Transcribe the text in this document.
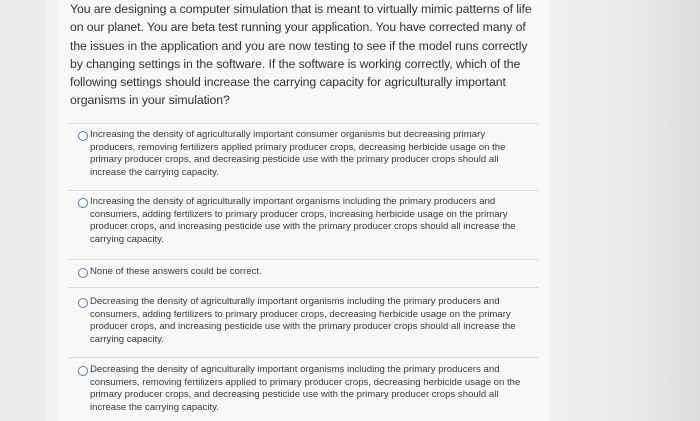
You are designing a computer simulation that is meant to virtually mimic patterns of life on our planet. You are beta test running your application. You have corrected many of the issues in the application and you are now testing to see if the model runs correctly by changing settings in the software. If the software is working correctly, which of the following settings should increase the carrying capacity for agriculturally important organisms in your simulation?
Increasing the density of agriculturally important consumer organisms but decreasing primary producers, removing fertilizers applied primary producer crops, decreasing herbicide usage on the primary producer crops, and decreasing pesticide use with the primary producer crops should all increase the carrying capacity.
Increasing the density of agriculturally important organisms including the primary producers and consumers, adding fertilizers to primary producer crops, increasing herbicide usage on the primary producer crops, and increasing pesticide use with the primary producer crops should all increase the carrying capacity.
None of these answers could be correct.
Decreasing the density of agriculturally important organisms including the primary producers and consumers, adding fertilizers to primary producer crops, decreasing herbicide usage on the primary producer crops, and increasing pesticide use with the primary producer crops should all increase the carrying capacity.
Decreasing the density of agriculturally important organisms including the primary producers and consumers, removing fertilizers applied to primary producer crops, decreasing herbicide usage on the primary producer crops, and decreasing pesticide use with the primary producer crops should all increase the carrying capacity.
